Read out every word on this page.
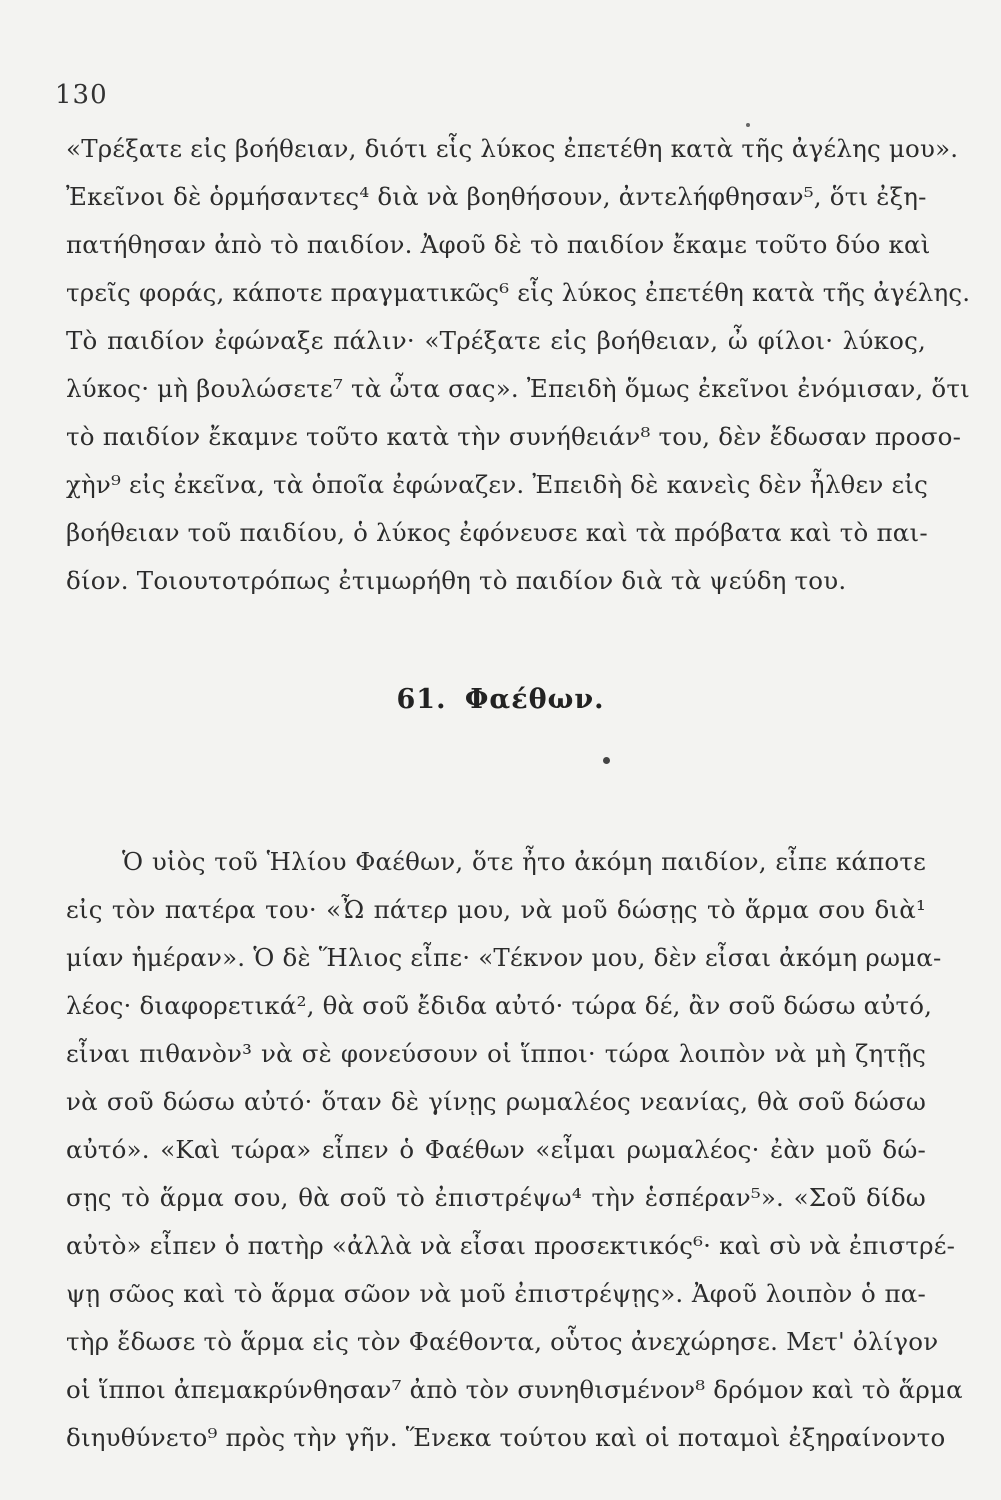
130
«Τρέξατε εἰς βοήθειαν, διότι εἷς λύκος ἐπετέθη κατὰ τῆς ἀγέλης μου».
Ἐκεῖνοι δὲ ὁρμήσαντες⁴ διὰ νὰ βοηθήσουν, ἀντελήφθησαν⁵, ὅτι ἐξη-
πατήθησαν ἀπὸ τὸ παιδίον. Ἀφοῦ δὲ τὸ παιδίον ἔκαμε τοῦτο δύο καὶ
τρεῖς φοράς, κάποτε πραγματικῶς⁶ εἷς λύκος ἐπετέθη κατὰ τῆς ἀγέλης.
Τὸ παιδίον ἐφώναξε πάλιν· «Τρέξατε εἰς βοήθειαν, ὦ φίλοι· λύκος,
λύκος· μὴ βουλώσετε⁷ τὰ ὦτα σας». Ἐπειδὴ ὅμως ἐκεῖνοι ἐνόμισαν, ὅτι
τὸ παιδίον ἔκαμνε τοῦτο κατὰ τὴν συνήθειάν⁸ του, δὲν ἔδωσαν προσο-
χὴν⁹ εἰς ἐκεῖνα, τὰ ὁποῖα ἐφώναζεν. Ἐπειδὴ δὲ κανεὶς δὲν ἦλθεν εἰς
βοήθειαν τοῦ παιδίου, ὁ λύκος ἐφόνευσε καὶ τὰ πρόβατα καὶ τὸ παι-
δίον. Τοιουτοτρόπως ἐτιμωρήθη τὸ παιδίον διὰ τὰ ψεύδη του.
61. Φαέθων.
Ὁ υἱὸς τοῦ Ἡλίου Φαέθων, ὅτε ἦτο ἀκόμη παιδίον, εἶπε κάποτε
εἰς τὸν πατέρα του· «Ὦ πάτερ μου, νὰ μοῦ δώσῃς τὸ ἅρμα σου διὰ¹
μίαν ἡμέραν». Ὁ δὲ Ἥλιος εἶπε· «Τέκνον μου, δὲν εἶσαι ἀκόμη ρωμα-
λέος· διαφορετικά², θὰ σοῦ ἔδιδα αὐτό· τώρα δέ, ἂν σοῦ δώσω αὐτό,
εἶναι πιθανὸν³ νὰ σὲ φονεύσουν οἱ ἵπποι· τώρα λοιπὸν νὰ μὴ ζητῇς
νὰ σοῦ δώσω αὐτό· ὅταν δὲ γίνῃς ρωμαλέος νεανίας, θὰ σοῦ δώσω
αὐτό». «Καὶ τώρα» εἶπεν ὁ Φαέθων «εἶμαι ρωμαλέος· ἐὰν μοῦ δώ-
σῃς τὸ ἅρμα σου, θὰ σοῦ τὸ ἐπιστρέψω⁴ τὴν ἑσπέραν⁵». «Σοῦ δίδω
αὐτὸ» εἶπεν ὁ πατὴρ «ἀλλὰ νὰ εἶσαι προσεκτικός⁶· καὶ σὺ νὰ ἐπιστρέ-
ψῃ σῶος καὶ τὸ ἅρμα σῶον νὰ μοῦ ἐπιστρέψῃς». Ἀφοῦ λοιπὸν ὁ πα-
τὴρ ἔδωσε τὸ ἅρμα εἰς τὸν Φαέθοντα, οὗτος ἀνεχώρησε. Μετ' ὀλίγον
οἱ ἵπποι ἀπεμακρύνθησαν⁷ ἀπὸ τὸν συνηθισμένον⁸ δρόμον καὶ τὸ ἅρμα
διηυθύνετο⁹ πρὸς τὴν γῆν. Ἕνεκα τούτου καὶ οἱ ποταμοὶ ἐξηραίνοντο
